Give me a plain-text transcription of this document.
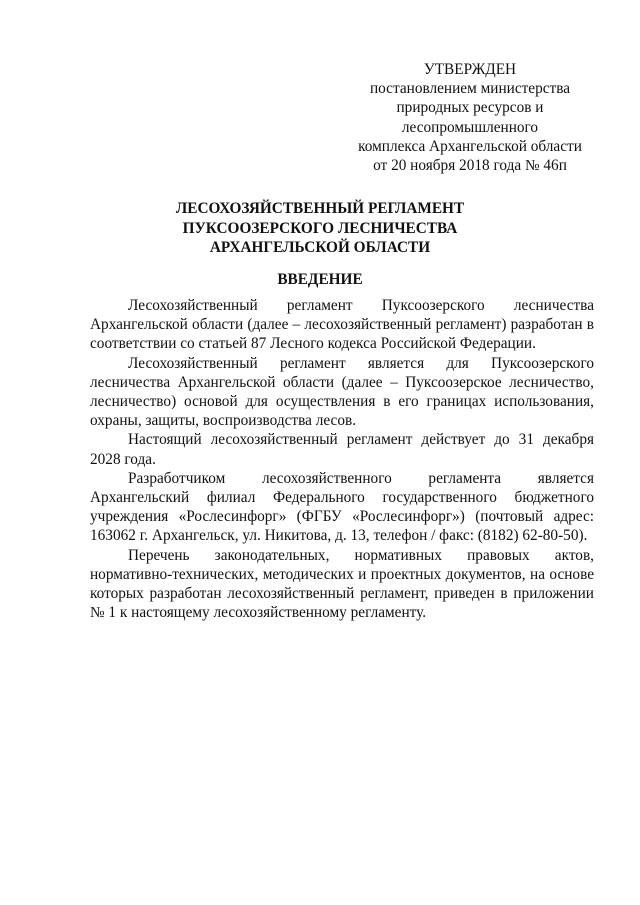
УТВЕРЖДЕН
постановлением министерства
природных ресурсов и
лесопромышленного
комплекса Архангельской области
от 20 ноября 2018 года № 46п
ЛЕСОХОЗЯЙСТВЕННЫЙ РЕГЛАМЕНТ
ПУКСООЗЕРСКОГО ЛЕСНИЧЕСТВА
АРХАНГЕЛЬСКОЙ ОБЛАСТИ
ВВЕДЕНИЕ

Лесохозяйственный регламент Пуксоозерского лесничества Архангельской области (далее – лесохозяйственный регламент) разработан в соответствии со статьей 87 Лесного кодекса Российской Федерации.

Лесохозяйственный регламент является для Пуксоозерского лесничества Архангельской области (далее – Пуксоозерское лесничество, лесничество) основой для осуществления в его границах использования, охраны, защиты, воспроизводства лесов.

Настоящий лесохозяйственный регламент действует до 31 декабря 2028 года.

Разработчиком лесохозяйственного регламента является Архангельский филиал Федерального государственного бюджетного учреждения «Рослесинфорг» (ФГБУ «Рослесинфорг») (почтовый адрес: 163062 г. Архангельск, ул. Никитова, д. 13, телефон / факс: (8182) 62-80-50).

Перечень законодательных, нормативных правовых актов, нормативно-технических, методических и проектных документов, на основе которых разработан лесохозяйственный регламент, приведен в приложении № 1 к настоящему лесохозяйственному регламенту.
